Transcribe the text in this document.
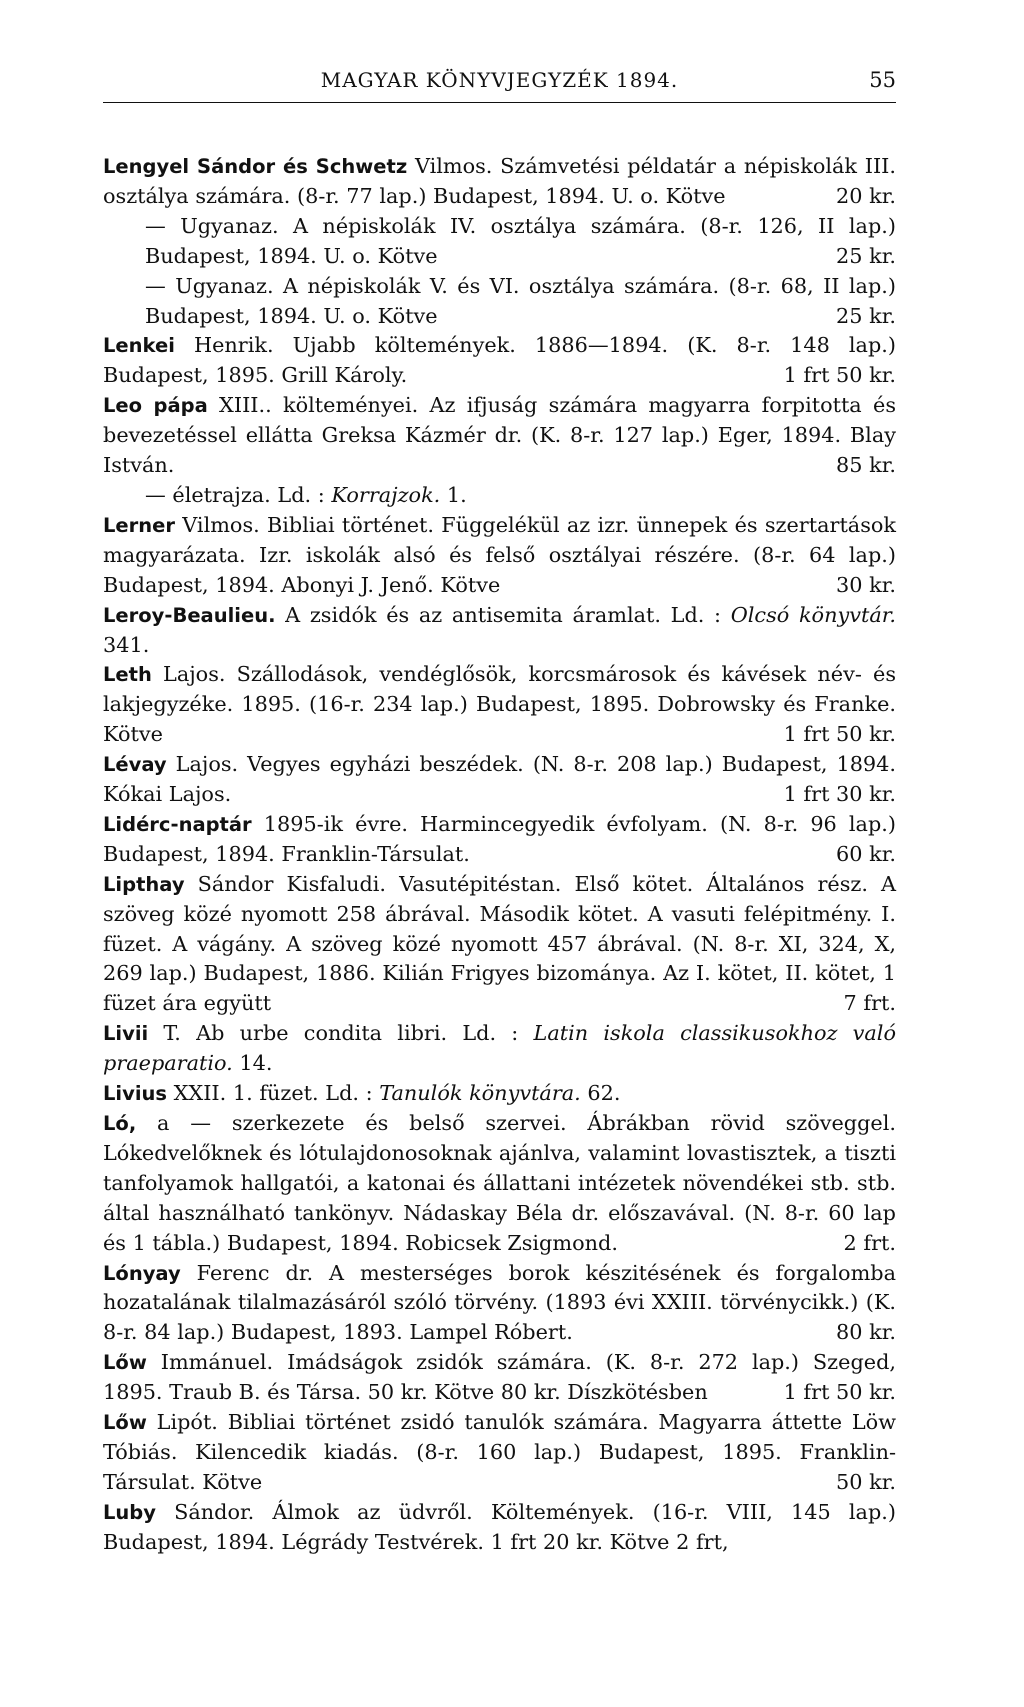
MAGYAR KÖNYVJEGYZÉK 1894.	55

Lengyel Sándor és Schwetz Vilmos. Számvetési példatár a népiskolák III. osztálya számára. (8-r. 77 lap.) Budapest, 1894. U. o. Kötve	20 kr.

— Ugyanaz. A népiskolák IV. osztálya számára. (8-r. 126, II lap.) Budapest, 1894. U. o. Kötve	25 kr.

— Ugyanaz. A népiskolák V. és VI. osztálya számára. (8-r. 68, II lap.) Budapest, 1894. U. o. Kötve	25 kr.

Lenkei Henrik. Ujabb költemények. 1886—1894. (K. 8-r. 148 lap.) Budapest, 1895. Grill Károly.	1 frt 50 kr.

Leo pápa XIII.. költeményei. Az ifjuság számára magyarra forpitotta és bevezetéssel ellátta Greksa Kázmér dr. (K. 8-r. 127 lap.) Eger, 1894. Blay István.	85 kr.

— életrajza. Ld. : Korrajzok. 1.

Lerner Vilmos. Bibliai történet. Függelékül az izr. ünnepek és szertartások magyarázata. Izr. iskolák alsó és felső osztályai részére. (8-r. 64 lap.) Budapest, 1894. Abonyi J. Jenő. Kötve	30 kr.

Leroy-Beaulieu. A zsidók és az antisemita áramlat. Ld. : Olcsó könyvtár. 341.

Leth Lajos. Szállodások, vendéglősök, korcsmárosok és kávések név- és lakjegyzéke. 1895. (16-r. 234 lap.) Budapest, 1895. Dobrowsky és Franke. Kötve	1 frt 50 kr.

Lévay Lajos. Vegyes egyházi beszédek. (N. 8-r. 208 lap.) Budapest, 1894. Kókai Lajos.	1 frt 30 kr.

Lidérc-naptár 1895-ik évre. Harmincegyedik évfolyam. (N. 8-r. 96 lap.) Budapest, 1894. Franklin-Társulat.	60 kr.

Lipthay Sándor Kisfaludi. Vasutépitéstan. Első kötet. Általános rész. A szöveg közé nyomott 258 ábrával. Második kötet. A vasuti felépitmény. I. füzet. A vágány. A szöveg közé nyomott 457 ábrával. (N. 8-r. XI, 324, X, 269 lap.) Budapest, 1886. Kilián Frigyes bizománya. Az I. kötet, II. kötet, 1 füzet ára együtt	7 frt.

Livii T. Ab urbe condita libri. Ld. : Latin iskola classikusokhoz való praeparatio. 14.

Livius XXII. 1. füzet. Ld. : Tanulók könyvtára. 62.

Ló, a — szerkezete és belső szervei. Ábrákban rövid szöveggel. Lókedvelőknek és lótulajdonosoknak ajánlva, valamint lovastisztek, a tiszti tanfolyamok hallgatói, a katonai és állattani intézetek növendékei stb. stb. által használható tankönyv. Nádaskay Béla dr. előszavával. (N. 8-r. 60 lap és 1 tábla.) Budapest, 1894. Robicsek Zsigmond.	2 frt.

Lónyay Ferenc dr. A mesterséges borok készitésének és forgalomba hozatalának tilalmazásáról szóló törvény. (1893 évi XXIII. törvénycikk.) (K. 8-r. 84 lap.) Budapest, 1893. Lampel Róbert.	80 kr.

Lőw Immánuel. Imádságok zsidók számára. (K. 8-r. 272 lap.) Szeged, 1895. Traub B. és Társa. 50 kr. Kötve 80 kr. Díszkötésben	1 frt 50 kr.

Lőw Lipót. Bibliai történet zsidó tanulók számára. Magyarra áttette Löw Tóbiás. Kilencedik kiadás. (8-r. 160 lap.) Budapest, 1895. Franklin-Társulat. Kötve	50 kr.

Luby Sándor. Álmok az üdvről. Költemények. (16-r. VIII, 145 lap.) Budapest, 1894. Légrády Testvérek. 1 frt 20 kr. Kötve 2 frt,
